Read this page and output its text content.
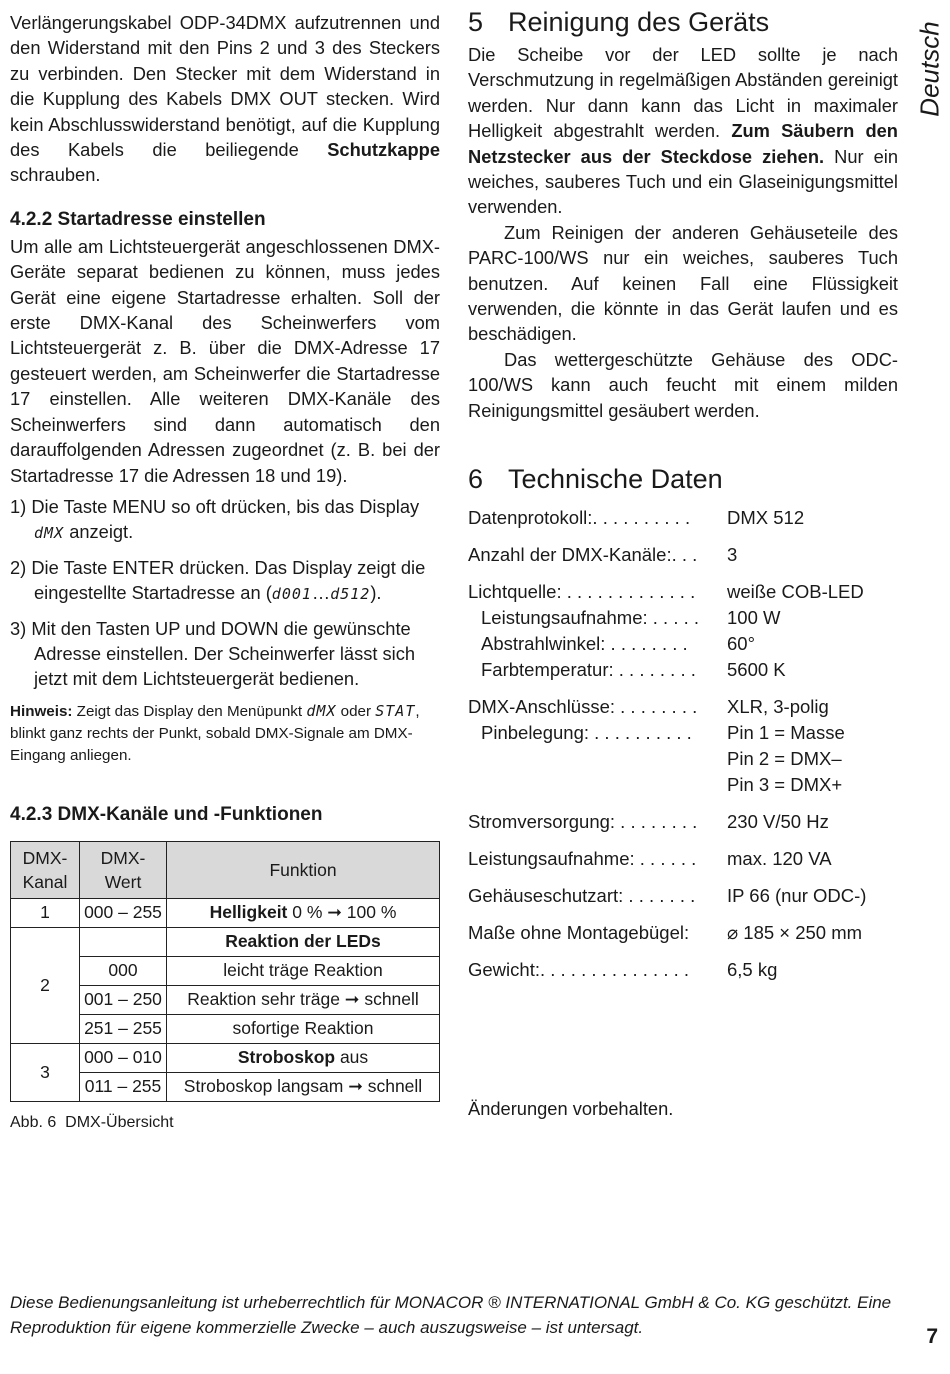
Deutsch

Verlängerungskabel ODP-34DMX aufzutrennen und den Widerstand mit den Pins 2 und 3 des Steckers zu verbinden. Den Stecker mit dem Widerstand in die Kupplung des Kabels DMX OUT stecken. Wird kein Abschlusswiderstand benötigt, auf die Kupplung des Kabels die beiliegende Schutzkappe schrauben.

4.2.2 Startadresse einstellen

Um alle am Lichtsteuergerät angeschlossenen DMX-Geräte separat bedienen zu können, muss jedes Gerät eine eigene Startadresse erhalten. Soll der erste DMX-Kanal des Scheinwerfers vom Lichtsteuergerät z. B. über die DMX-Adresse 17 gesteuert werden, am Scheinwerfer die Startadresse 17 einstellen. Alle weiteren DMX-Kanäle des Scheinwerfers sind dann automatisch den darauffolgenden Adressen zugeordnet (z. B. bei der Startadresse 17 die Adressen 18 und 19).

1) Die Taste MENU so oft drücken, bis das Display dMX anzeigt.
2) Die Taste ENTER drücken. Das Display zeigt die eingestellte Startadresse an (d001…d512).
3) Mit den Tasten UP und DOWN die gewünschte Adresse einstellen. Der Scheinwerfer lässt sich jetzt mit dem Lichtsteuergerät bedienen.
Hinweis: Zeigt das Display den Menüpunkt dMX oder STAT, blinkt ganz rechts der Punkt, sobald DMX-Signale am DMX-Eingang anliegen.
4.2.3 DMX-Kanäle und -Funktionen
DMX-Kanal	DMX-Wert	Funktion
1	000 – 255	Helligkeit 0 % ➞ 100 %
2		Reaktion der LEDs
	000	leicht träge Reaktion
	001 – 250	Reaktion sehr träge ➞ schnell
	251 – 255	sofortige Reaktion
3	000 – 010	Stroboskop aus
	011 – 255	Stroboskop langsam ➞ schnell
Abb. 6 DMX-Übersicht
5 Reinigung des Geräts

Die Scheibe vor der LED sollte je nach Verschmutzung in regelmäßigen Abständen gereinigt werden. Nur dann kann das Licht in maximaler Helligkeit abgestrahlt werden. Zum Säubern den Netzstecker aus der Steckdose ziehen. Nur ein weiches, sauberes Tuch und ein Glaseinigungsmittel verwenden.

Zum Reinigen der anderen Gehäuseteile des PARC-100/WS nur ein weiches, sauberes Tuch benutzen. Auf keinen Fall eine Flüssigkeit verwenden, die könnte in das Gerät laufen und es beschädigen.

Das wettergeschützte Gehäuse des ODC-100/WS kann auch feucht mit einem milden Reinigungsmittel gesäubert werden.

6 Technische Daten
Datenprotokoll:. . . . . . . . . .	DMX 512
Anzahl der DMX-Kanäle:. . .	3
Lichtquelle: . . . . . . . . . . . . .	weiße COB-LED
Leistungsaufnahme: . . . . .	100 W
Abstrahlwinkel: . . . . . . . .	60°
Farbtemperatur: . . . . . . . .	5600 K
DMX-Anschlüsse: . . . . . . . .	XLR, 3-polig
Pinbelegung: . . . . . . . . . .	Pin 1 = Masse
Pin 2 = DMX–
Pin 3 = DMX+
Stromversorgung: . . . . . . . .	230 V/50 Hz
Leistungsaufnahme: . . . . . .	max. 120 VA
Gehäuseschutzart: . . . . . . .	IP 66 (nur ODC-)
Maße ohne Montagebügel:	⌀ 185 × 250 mm
Gewicht:. . . . . . . . . . . . . . .	6,5 kg
Änderungen vorbehalten.
Diese Bedienungsanleitung ist urheberrechtlich für MONACOR ® INTERNATIONAL GmbH & Co. KG geschützt. Eine Reproduktion für eigene kommerzielle Zwecke – auch auszugsweise – ist untersagt.	7
